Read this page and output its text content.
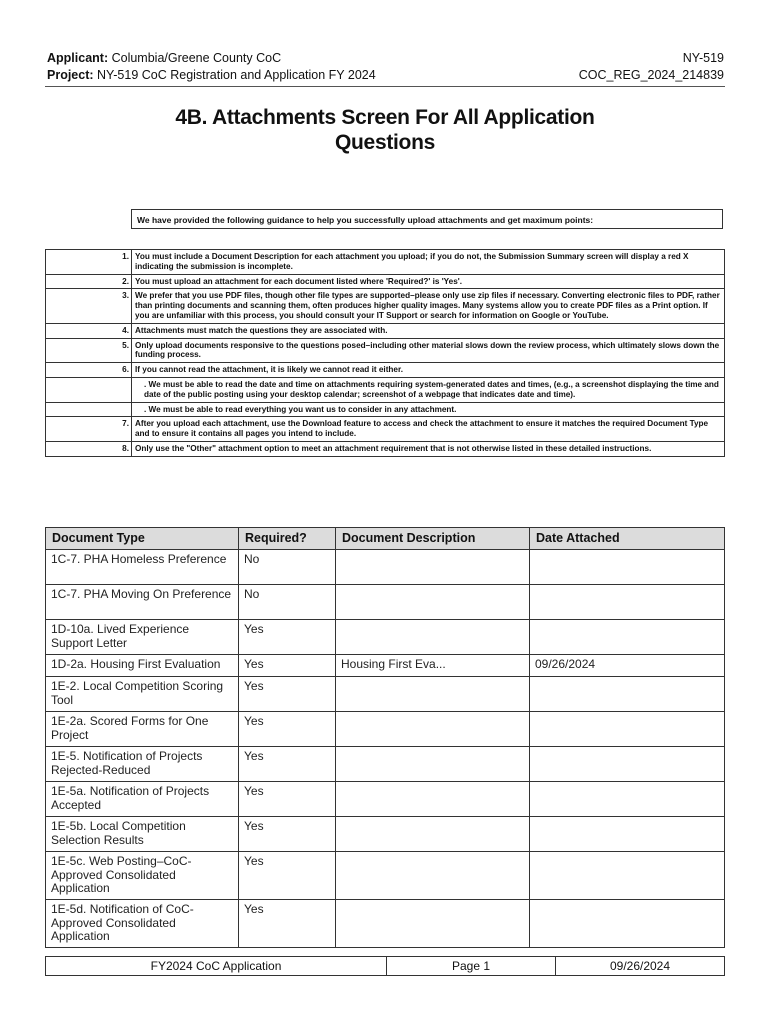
Applicant: Columbia/Greene County CoC
Project: NY-519 CoC Registration and Application FY 2024
NY-519
COC_REG_2024_214839
4B. Attachments Screen For All Application
Questions
We have provided the following guidance to help you successfully upload attachments and get maximum points:
1.	You must include a Document Description for each attachment you upload; if you do not, the Submission Summary screen will display a red X indicating the submission is incomplete.
2.	You must upload an attachment for each document listed where 'Required?' is 'Yes'.
3.	We prefer that you use PDF files, though other file types are supported–please only use zip files if necessary. Converting electronic files to PDF, rather than printing documents and scanning them, often produces higher quality images. Many systems allow you to create PDF files as a Print option. If you are unfamiliar with this process, you should consult your IT Support or search for information on Google or YouTube.
4.	Attachments must match the questions they are associated with.
5.	Only upload documents responsive to the questions posed–including other material slows down the review process, which ultimately slows down the funding process.
6.	If you cannot read the attachment, it is likely we cannot read it either.
	. We must be able to read the date and time on attachments requiring system-generated dates and times, (e.g., a screenshot displaying the time and date of the public posting using your desktop calendar; screenshot of a webpage that indicates date and time).
	. We must be able to read everything you want us to consider in any attachment.
7.	After you upload each attachment, use the Download feature to access and check the attachment to ensure it matches the required Document Type and to ensure it contains all pages you intend to include.
8.	Only use the "Other" attachment option to meet an attachment requirement that is not otherwise listed in these detailed instructions.
Document Type	Required?	Document Description	Date Attached
1C-7. PHA Homeless Preference	No		
1C-7. PHA Moving On Preference	No		
1D-10a. Lived Experience Support Letter	Yes		
1D-2a. Housing First Evaluation	Yes	Housing First Eva...	09/26/2024
1E-2. Local Competition Scoring Tool	Yes		
1E-2a. Scored Forms for One Project	Yes		
1E-5. Notification of Projects Rejected-Reduced	Yes		
1E-5a. Notification of Projects Accepted	Yes		
1E-5b. Local Competition Selection Results	Yes		
1E-5c. Web Posting–CoC-Approved Consolidated Application	Yes		
1E-5d. Notification of CoC-Approved Consolidated Application	Yes		
FY2024 CoC Application	Page 1	09/26/2024
